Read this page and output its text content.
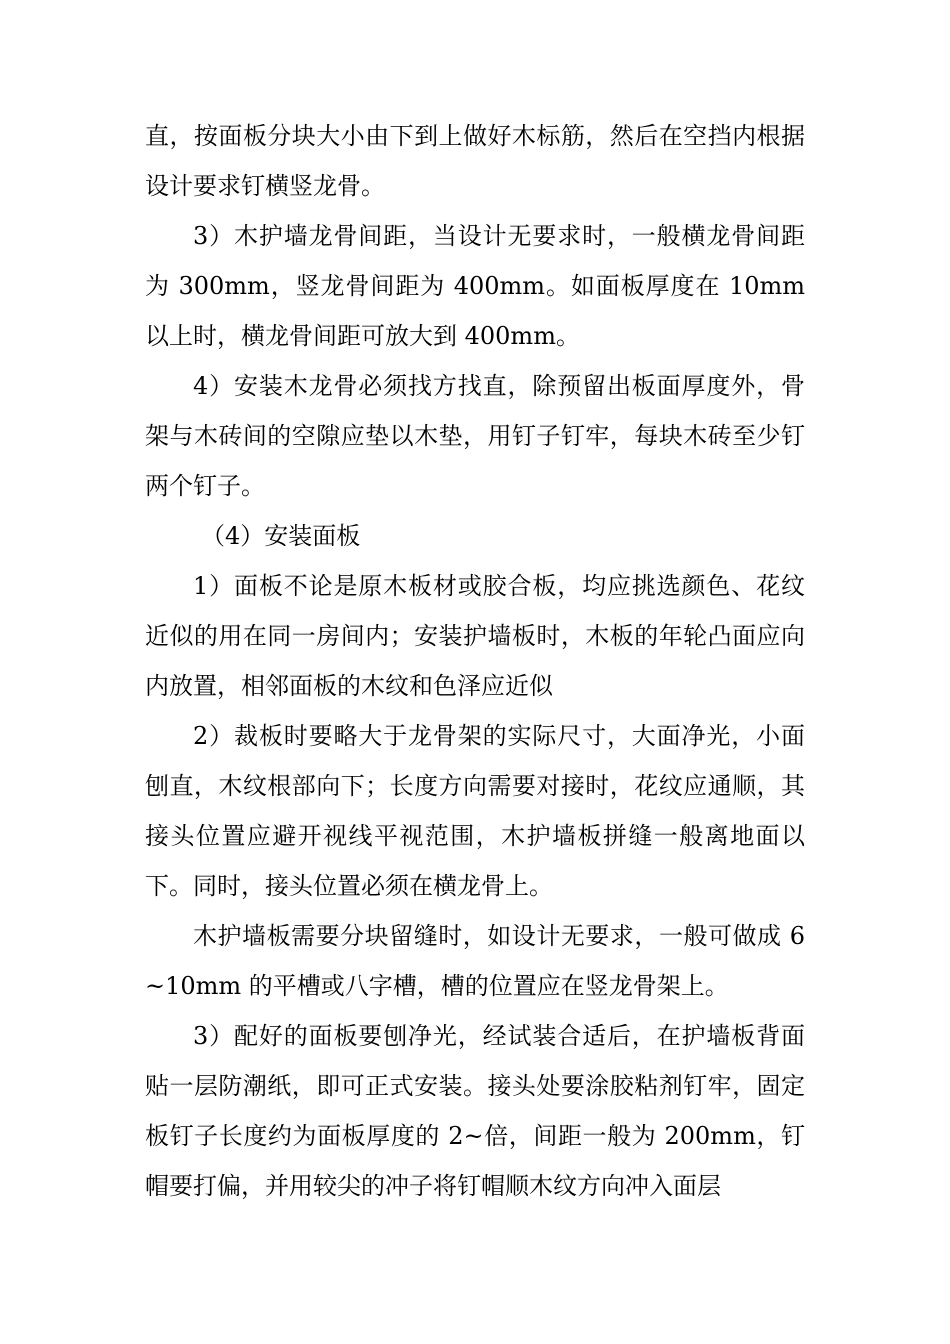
直，按面板分块大小由下到上做好木标筋，然后在空挡内根据设计要求钉横竖龙骨。

3）木护墙龙骨间距，当设计无要求时，一般横龙骨间距为 300mm，竖龙骨间距为 400mm。如面板厚度在 10mm 以上时，横龙骨间距可放大到 400mm。

4）安装木龙骨必须找方找直，除预留出板面厚度外，骨架与木砖间的空隙应垫以木垫，用钉子钉牢，每块木砖至少钉两个钉子。

（4）安装面板

1）面板不论是原木板材或胶合板，均应挑选颜色、花纹近似的用在同一房间内；安装护墙板时，木板的年轮凸面应向内放置，相邻面板的木纹和色泽应近似

2）裁板时要略大于龙骨架的实际尺寸，大面净光，小面刨直，木纹根部向下；长度方向需要对接时，花纹应通顺，其接头位置应避开视线平视范围，木护墙板拼缝一般离地面以下。同时，接头位置必须在横龙骨上。

木护墙板需要分块留缝时，如设计无要求，一般可做成 6~10mm 的平槽或八字槽，槽的位置应在竖龙骨架上。

3）配好的面板要刨净光，经试装合适后，在护墙板背面贴一层防潮纸，即可正式安装。接头处要涂胶粘剂钉牢，固定板钉子长度约为面板厚度的 2~倍，间距一般为 200mm，钉帽要打偏，并用较尖的冲子将钉帽顺木纹方向冲入面层
